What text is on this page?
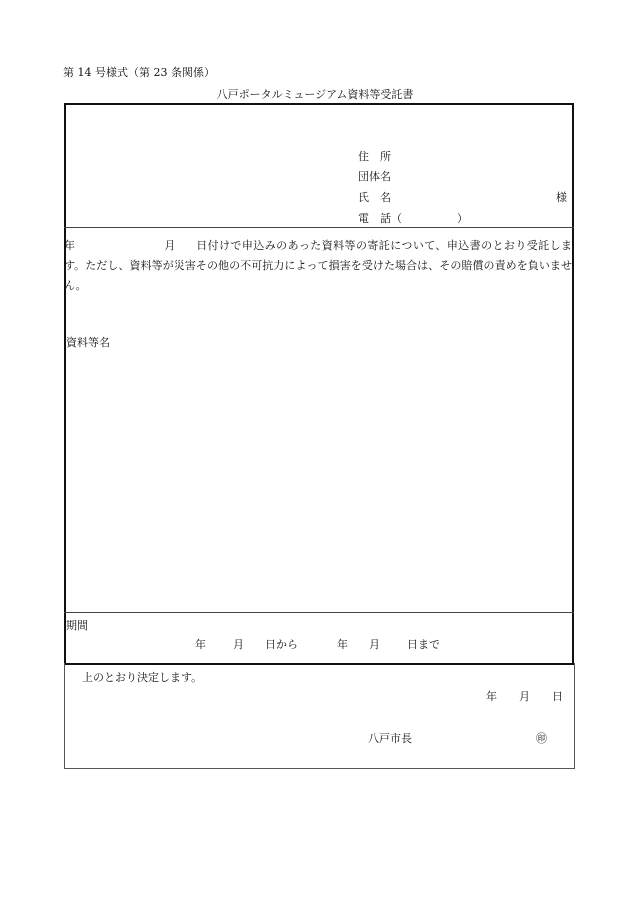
第 14 号様式（第 23 条関係）
八戸ポータルミュージアム資料等受託書
住　所
団体名
氏　名	様
電　話（　　　　　）
年	月 日付けで申込みのあった資料等の寄託について、申込書のとおり受託します。ただし、資料等が災害その他の不可抗力によって損害を受けた場合は、その賠償の責めを負いません。
資料等名
期間
年 月 日から	年 月 日まで
上のとおり決定します。
年　　月　　日
八戸市長	㊞
